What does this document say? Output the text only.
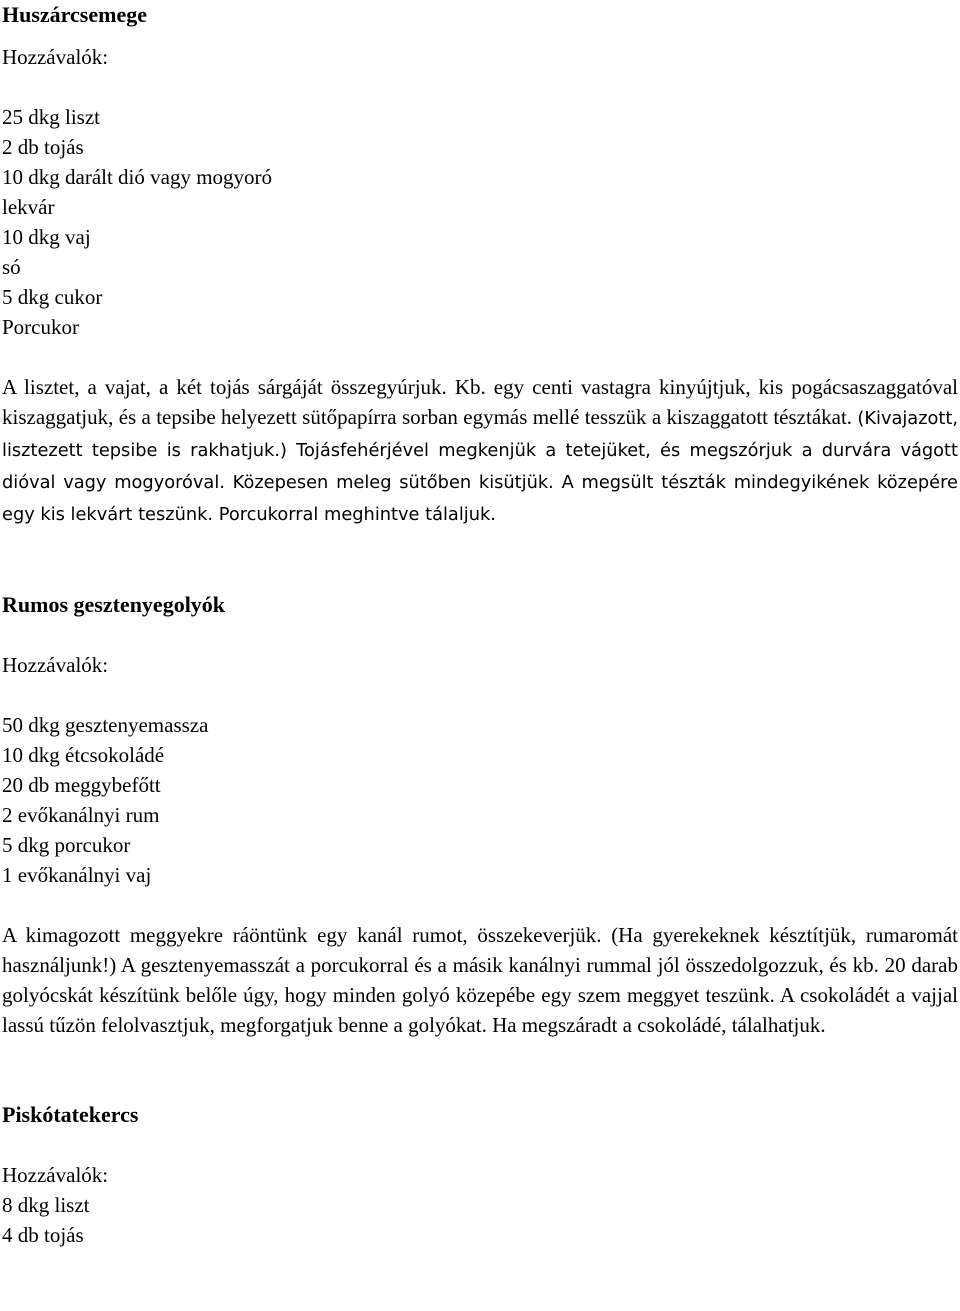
Huszárcsemege

Hozzávalók:

25 dkg liszt
2 db tojás
10 dkg darált dió vagy mogyoró
lekvár
10 dkg vaj
só
5 dkg cukor
Porcukor

A lisztet, a vajat, a két tojás sárgáját összegyúrjuk. Kb. egy centi vastagra kinyújtjuk, kis pogácsaszaggatóval kiszaggatjuk, és a tepsibe helyezett sütőpapírra sorban egymás mellé tesszük a kiszaggatott tésztákat. (Kivajazott, lisztezett tepsibe is rakhatjuk.) Tojásfehérjével megkenjük a tetejüket, és megszórjuk a durvára vágott dióval vagy mogyoróval. Közepesen meleg sütőben kisütjük. A megsült tészták mindegyikének közepére egy kis lekvárt teszünk. Porcukorral meghintve tálaljuk.

Rumos gesztenyegolyók

Hozzávalók:

50 dkg gesztenyemassza
10 dkg étcsokoládé
20 db meggybefőtt
2 evőkanálnyi rum
5 dkg porcukor
1 evőkanálnyi vaj

A kimagozott meggyekre ráöntünk egy kanál rumot, összekeverjük. (Ha gyerekeknek késztítjük, rumaromát használjunk!) A gesztenyemasszát a porcukorral és a másik kanálnyi rummal jól összedolgozzuk, és kb. 20 darab golyócskát készítünk belőle úgy, hogy minden golyó közepébe egy szem meggyet teszünk. A csokoládét a vajjal lassú tűzön felolvasztjuk, megforgatjuk benne a golyókat. Ha megszáradt a csokoládé, tálalhatjuk.

Piskótatekercs

Hozzávalók:

8 dkg liszt
4 db tojás
